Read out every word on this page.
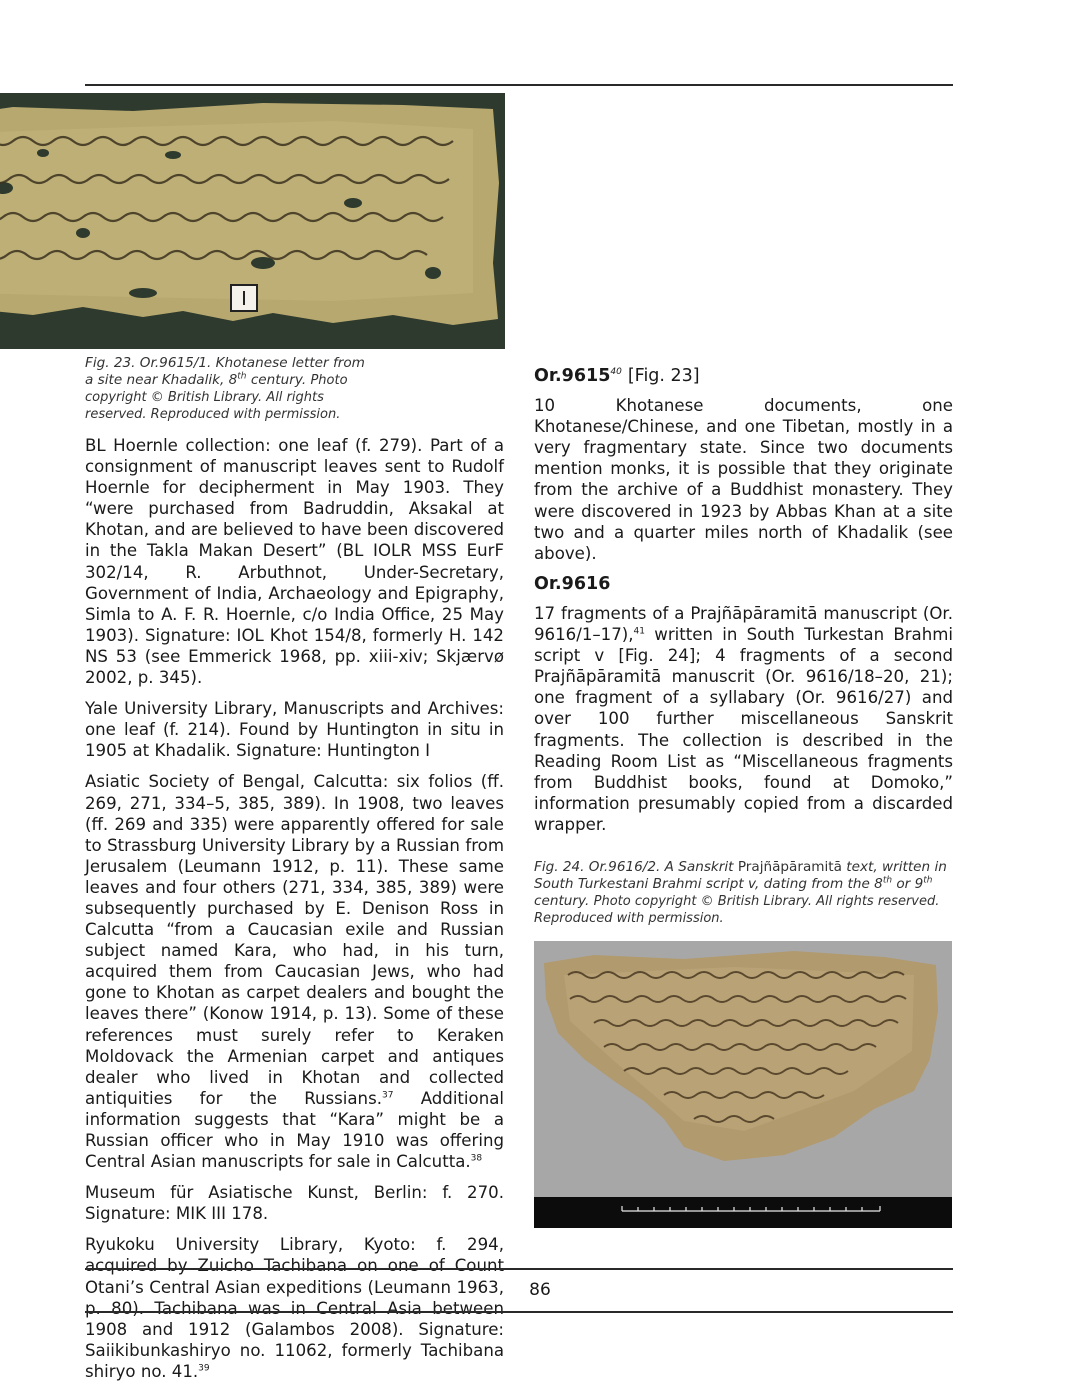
Fig. 23. Or.9615/1. Khotanese letter from a site near Khadalik, 8th century. Photo copyright © British Library. All rights reserved. Reproduced with permission.

BL Hoernle collection: one leaf (f. 279). Part of a consignment of manuscript leaves sent to Rudolf Hoernle for decipherment in May 1903. They “were purchased from Badruddin, Aksakal at Khotan, and are believed to have been discovered in the Takla Makan Desert” (BL IOLR MSS EurF 302/14, R. Arbuthnot, Under-Secretary, Government of India, Archaeology and Epigraphy, Simla to A. F. R. Hoernle, c/o India Office, 25 May 1903). Signature: IOL Khot 154/8, formerly H. 142 NS 53 (see Emmerick 1968, pp. xiii-xiv; Skjærvø 2002, p. 345).

Yale University Library, Manuscripts and Archives: one leaf (f. 214). Found by Huntington in situ in 1905 at Khadalik. Signature: Huntington I

Asiatic Society of Bengal, Calcutta: six folios (ff. 269, 271, 334–5, 385, 389). In 1908, two leaves (ff. 269 and 335) were apparently offered for sale to Strassburg University Library by a Russian from Jerusalem (Leumann 1912, p. 11). These same leaves and four others (271, 334, 385, 389) were subsequently purchased by E. Denison Ross in Calcutta “from a Caucasian exile and Russian subject named Kara, who had, in his turn, acquired them from Caucasian Jews, who had gone to Khotan as carpet dealers and bought the leaves there” (Konow 1914, p. 13). Some of these references must surely refer to Keraken Moldovack the Armenian carpet and antiques dealer who lived in Khotan and collected antiquities for the Russians.$^{37}$ Additional information suggests that “Kara” might be a Russian officer who in May 1910 was offering Central Asian manuscripts for sale in Calcutta.$^{38}$

Museum für Asiatische Kunst, Berlin: f. 270. Signature: MIK III 178.

Ryukoku University Library, Kyoto: f. 294, acquired by Zuicho Tachibana on one of Count Otani’s Central Asian expeditions (Leumann 1963, p. 80). Tachibana was in Central Asia between 1908 and 1912 (Galambos 2008). Signature: Saiikibunkashiryo no. 11062, formerly Tachibana shiryo no. 41.39

Or.9615$^{40}$ [Fig. 23]

10 Khotanese documents, one Khotanese/Chinese, and one Tibetan, mostly in a very fragmentary state. Since two documents mention monks, it is possible that they originate from the archive of a Buddhist monastery. They were discovered in 1923 by Abbas Khan at a site two and a quarter miles north of Khadalik (see above).

Or.9616

17 fragments of a Prajñāpāramitā manuscript (Or. 9616/1–17),$^{41}$ written in South Turkestan Brahmi script v [Fig. 24]; 4 fragments of a second Prajñāpāramitā manuscrit (Or. 9616/18–20, 21); one fragment of a syllabary (Or. 9616/27) and over 100 further miscellaneous Sanskrit fragments. The collection is described in the Reading Room List as “Miscellaneous fragments from Buddhist books, found at Domoko,” information presumably copied from a discarded wrapper.

Fig. 24. Or.9616/2. A Sanskrit Prajñāpāramitā text, written in South Turkestani Brahmi script v, dating from the 8th or 9th century. Photo copyright © British Library. All rights reserved. Reproduced with permission.
86
